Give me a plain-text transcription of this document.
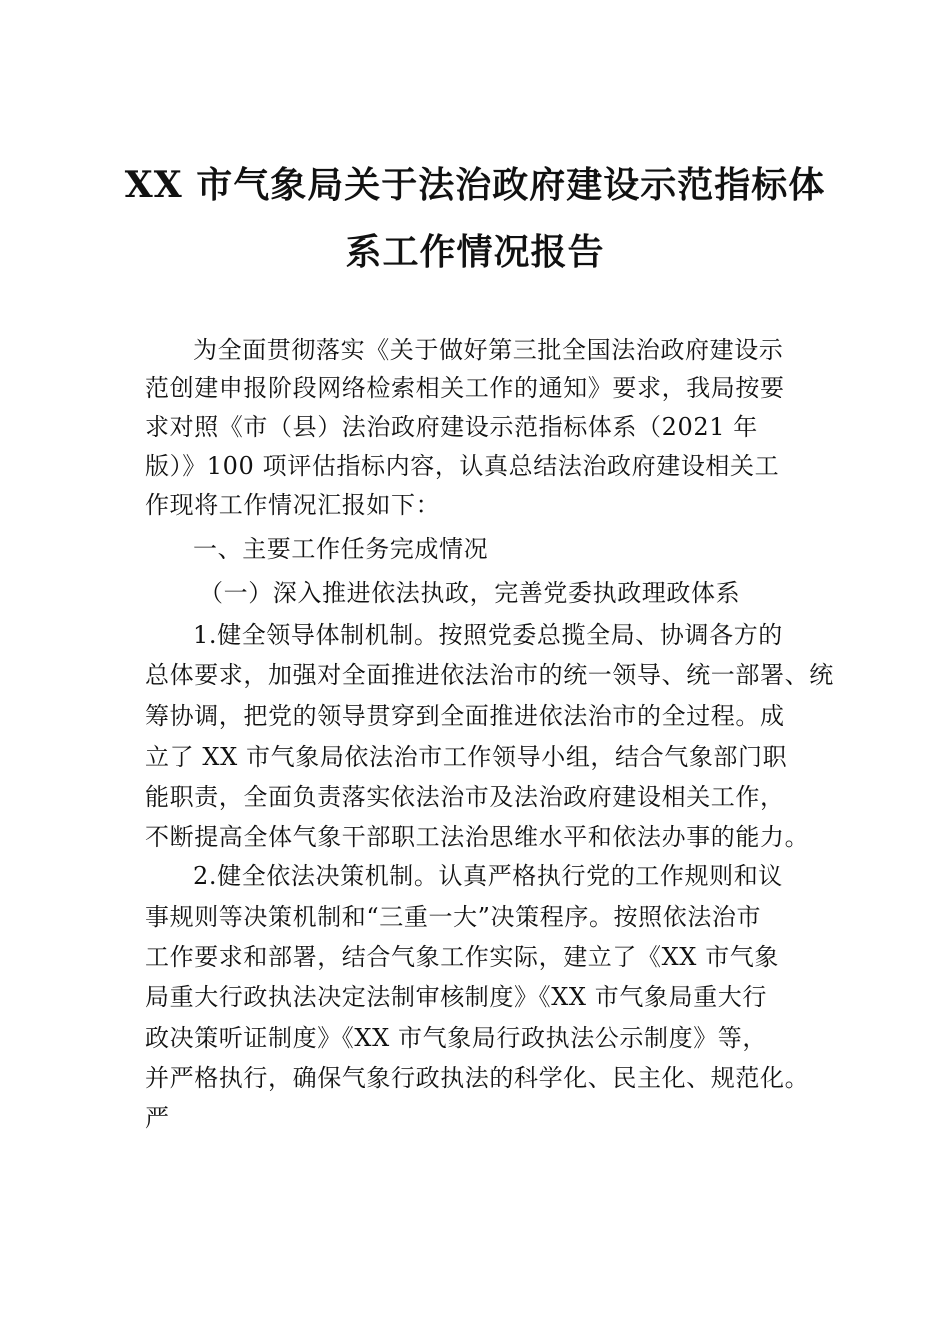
XX 市气象局关于法治政府建设示范指标体
系工作情况报告
为全面贯彻落实《关于做好第三批全国法治政府建设示
范创建申报阶段网络检索相关工作的通知》要求，我局按要
求对照《市（县）法治政府建设示范指标体系（2021 年
版）》100 项评估指标内容，认真总结法治政府建设相关工
作现将工作情况汇报如下：
一、主要工作任务完成情况
（一）深入推进依法执政，完善党委执政理政体系
1.健全领导体制机制。按照党委总揽全局、协调各方的
总体要求，加强对全面推进依法治市的统一领导、统一部署、统
筹协调，把党的领导贯穿到全面推进依法治市的全过程。成
立了 XX 市气象局依法治市工作领导小组，结合气象部门职
能职责，全面负责落实依法治市及法治政府建设相关工作，
不断提高全体气象干部职工法治思维水平和依法办事的能力。
2.健全依法决策机制。认真严格执行党的工作规则和议
事规则等决策机制和“三重一大”决策程序。按照依法治市
工作要求和部署，结合气象工作实际，建立了《XX 市气象
局重大行政执法决定法制审核制度》《XX 市气象局重大行
政决策听证制度》《XX 市气象局行政执法公示制度》等，
并严格执行，确保气象行政执法的科学化、民主化、规范化。
严
